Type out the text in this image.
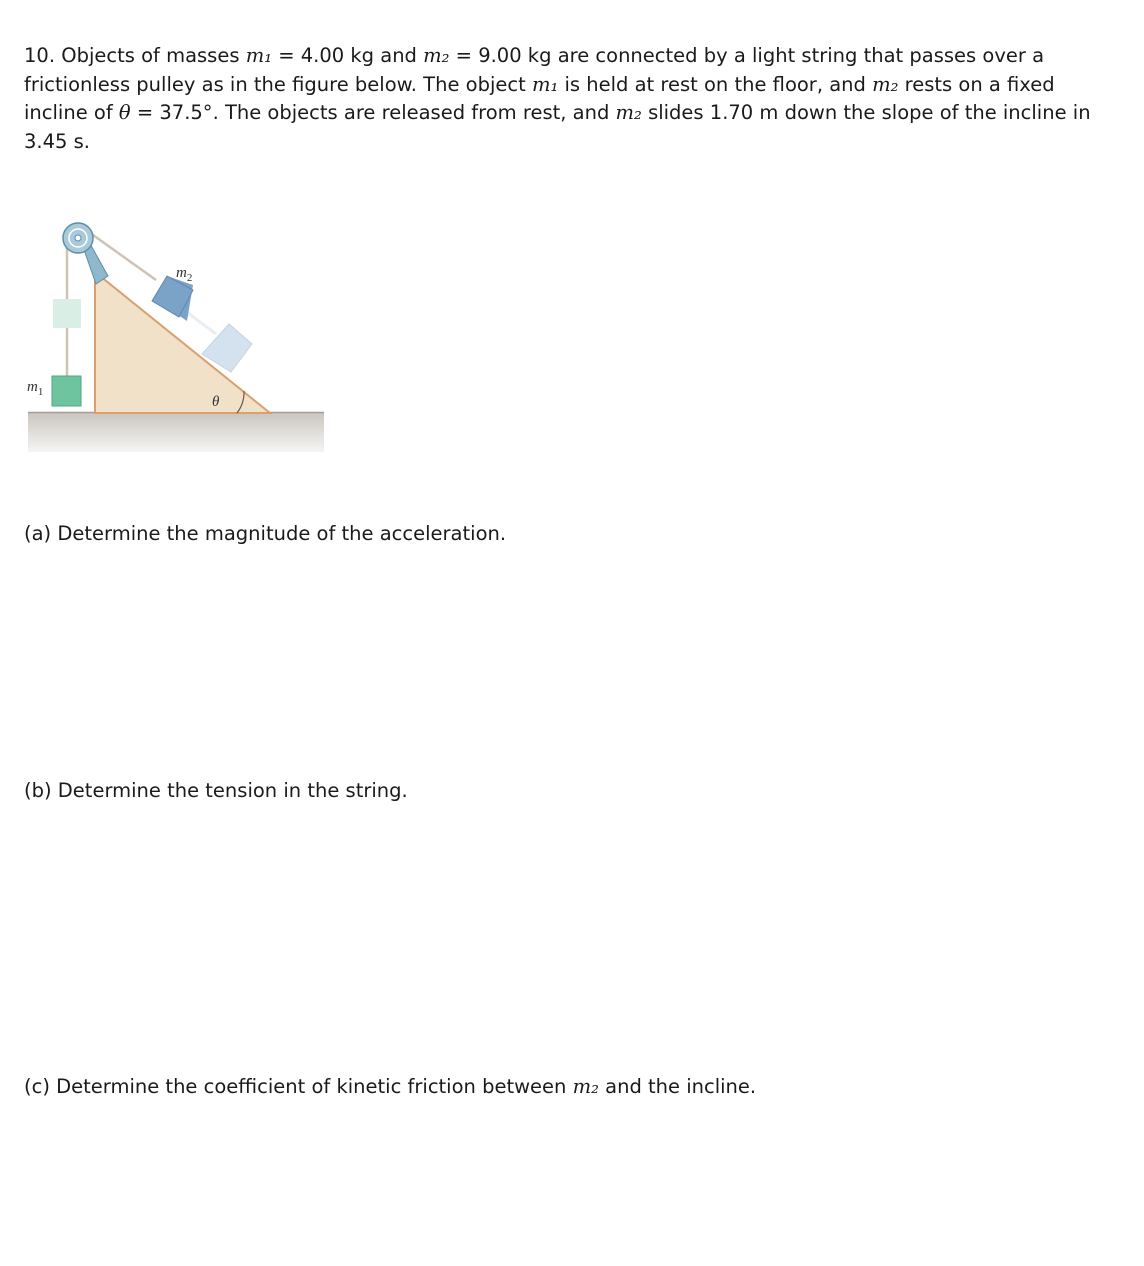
10. Objects of masses m₁ = 4.00 kg and m₂ = 9.00 kg are connected by a light string that passes over a frictionless pulley as in the figure below. The object m₁ is held at rest on the floor, and m₂ rests on a fixed incline of θ = 37.5°. The objects are released from rest, and m₂ slides 1.70 m down the slope of the incline in 3.45 s.

$m_2$
$m_1$
θ

(a) Determine the magnitude of the acceleration.

(b) Determine the tension in the string.

(c) Determine the coefficient of kinetic friction between m₂ and the incline.
